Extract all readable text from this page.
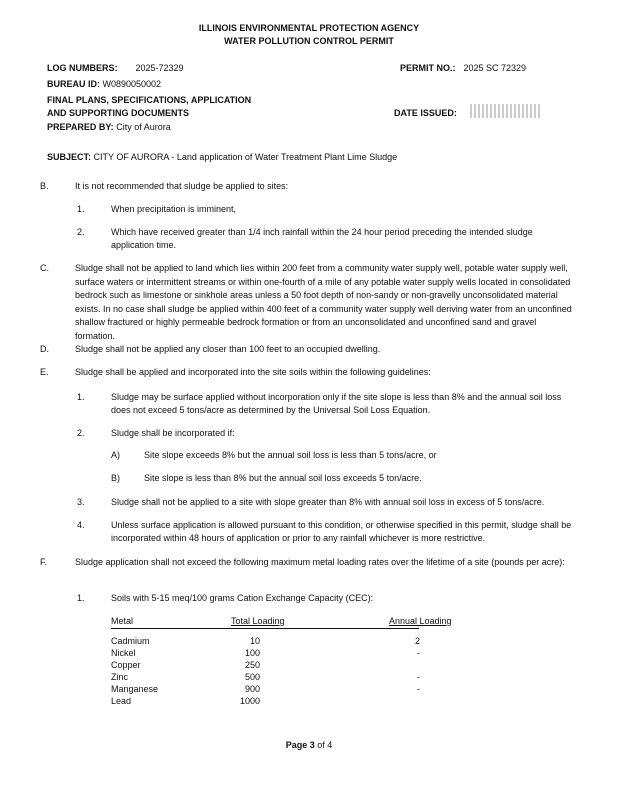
ILLINOIS ENVIRONMENTAL PROTECTION AGENCY
WATER POLLUTION CONTROL PERMIT
LOG NUMBERS: 2025-72329	PERMIT NO.: 2025 SC 72329
BUREAU ID: W0890050002
FINAL PLANS, SPECIFICATIONS, APPLICATION
AND SUPPORTING DOCUMENTS	DATE ISSUED:
PREPARED BY: City of Aurora
SUBJECT: CITY OF AURORA - Land application of Water Treatment Plant Lime Sludge
B.	It is not recommended that sludge be applied to sites:
1.	When precipitation is imminent,
2.	Which have received greater than 1/4 inch rainfall within the 24 hour period preceding the intended sludge application time.
C.	Sludge shall not be applied to land which lies within 200 feet from a community water supply well, potable water supply well, surface waters or intermittent streams or within one-fourth of a mile of any potable water supply wells located in consolidated bedrock such as limestone or sinkhole areas unless a 50 foot depth of non-sandy or non-gravelly unconsolidated material exists. In no case shall sludge be applied within 400 feet of a community water supply well deriving water from an unconfined shallow fractured or highly permeable bedrock formation or from an unconsolidated and unconfined sand and gravel formation.
D.	Sludge shall not be applied any closer than 100 feet to an occupied dwelling.
E.	Sludge shall be applied and incorporated into the site soils within the following guidelines:
1.	Sludge may be surface applied without incorporation only if the site slope is less than 8% and the annual soil loss does not exceed 5 tons/acre as determined by the Universal Soil Loss Equation.
2.	Sludge shall be incorporated if:
A)	Site slope exceeds 8% but the annual soil loss is less than 5 tons/acre, or
B)	Site slope is less than 8% but the annual soil loss exceeds 5 ton/acre.
3.	Sludge shall not be applied to a site with slope greater than 8% with annual soil loss in excess of 5 tons/acre.
4.	Unless surface application is allowed pursuant to this condition, or otherwise specified in this permit, sludge shall be incorporated within 48 hours of application or prior to any rainfall whichever is more restrictive.
F.	Sludge application shall not exceed the following maximum metal loading rates over the lifetime of a site (pounds per acre):
1.	Soils with 5-15 meq/100 grams Cation Exchange Capacity (CEC):
Metal	Total Loading	Annual Loading
Cadmium	10	2
Nickel	100	-
Copper	250
Zinc	500	-
Manganese	900	-
Lead	1000
Page 3 of 4
